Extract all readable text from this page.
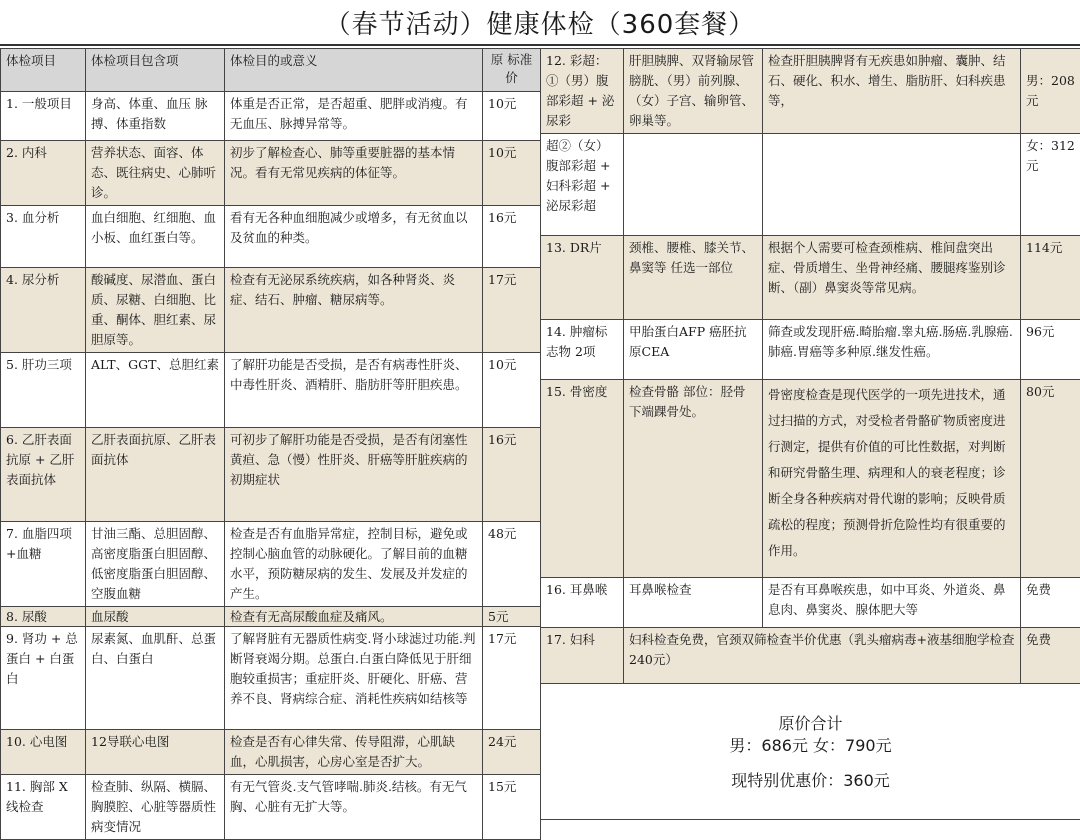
（春节活动）健康体检（360套餐）
体检项目	体检项目包含项	体检目的或意义	原 标准 价
1. 一般项目	身高、体重、血压 脉搏、体重指数	体重是否正常，是否超重、肥胖或消瘦。有无血压、脉搏异常等。	10元
2. 内科	营养状态、面容、体态、既往病史、心肺听诊。	初步了解检查心、肺等重要脏器的基本情况。看有无常见疾病的体征等。	10元
3. 血分析	血白细胞、红细胞、血小板、血红蛋白等。	看有无各种血细胞减少或增多，有无贫血以及贫血的种类。	16元
4. 尿分析	酸碱度、尿潜血、蛋白质、尿糖、白细胞、比重、酮体、胆红素、尿胆原等。	检查有无泌尿系统疾病，如各种肾炎、炎症、结石、肿瘤、糖尿病等。	17元
5. 肝功三项	ALT、GGT、总胆红素	了解肝功能是否受损，是否有病毒性肝炎、中毒性肝炎、酒精肝、脂肪肝等肝胆疾患。	10元
6. 乙肝表面抗原 + 乙肝表面抗体	乙肝表面抗原、乙肝表面抗体	可初步了解肝功能是否受损，是否有闭塞性黄疸、急（慢）性肝炎、肝癌等肝脏疾病的初期症状	16元
7. 血脂四项 +血糖	甘油三酯、总胆固醇、高密度脂蛋白胆固醇、低密度脂蛋白胆固醇、空腹血糖	检查是否有血脂异常症，控制目标，避免或控制心脑血管的动脉硬化。了解目前的血糖水平，预防糖尿病的发生、发展及并发症的产生。	48元
8. 尿酸	血尿酸	检查有无高尿酸血症及痛风。	5元
9. 肾功 + 总蛋白 + 白蛋白	尿素氮、血肌酐、总蛋白、白蛋白	了解肾脏有无器质性病变.肾小球滤过功能.判断肾衰竭分期。总蛋白.白蛋白降低见于肝细胞较重损害；重症肝炎、肝硬化、肝癌、营养不良、肾病综合症、消耗性疾病如结核等	17元
10. 心电图	12导联心电图	检查是否有心律失常、传导阻滞，心肌缺血，心肌损害，心房心室是否扩大。	24元
11. 胸部 X线检查	检查肺、纵隔、横膈、胸膜腔、心脏等器质性病变情况	有无气管炎.支气管哮喘.肺炎.结核。有无气胸、心脏有无扩大等。	15元
12. 彩超：①（男）腹部彩超 + 泌尿彩	肝胆胰脾、双肾输尿管膀胱、（男）前列腺、（女）子宫、输卵管、卵巢等。	检查肝胆胰脾肾有无疾患如肿瘤、囊肿、结石、硬化、积水、增生、脂肪肝、妇科疾患等，	男：208元
超②（女）腹部彩超 + 妇科彩超 + 泌尿彩超			女：312元
13. DR片	颈椎、腰椎、膝关节、鼻窦等 任选一部位	根据个人需要可检查颈椎病、椎间盘突出症、骨质增生、坐骨神经痛、腰腿疼鉴别诊断、（副）鼻窦炎等常见病。	114元
14. 肿瘤标志物 2项	甲胎蛋白AFP 癌胚抗原CEA	筛查或发现肝癌.畸胎瘤.睾丸癌.肠癌.乳腺癌.肺癌.胃癌等多种原.继发性癌。	96元
15. 骨密度	检查骨骼 部位：胫骨下端踝骨处。	骨密度检查是现代医学的一项先进技术，通过扫描的方式，对受检者骨骼矿物质密度进行测定，提供有价值的可比性数据，对判断和研究骨骼生理、病理和人的衰老程度；诊断全身各种疾病对骨代谢的影响；反映骨质疏松的程度；预测骨折危险性均有很重要的作用。	80元
16. 耳鼻喉	耳鼻喉检查	是否有耳鼻喉疾患，如中耳炎、外道炎、鼻息肉、鼻窦炎、腺体肥大等	免费
17. 妇科	妇科检查免费，官颈双筛检查半价优惠（乳头瘤病毒+液基细胞学检查240元）		免费

原价合计
男：686元 女：790元
现特别优惠价：360元			
